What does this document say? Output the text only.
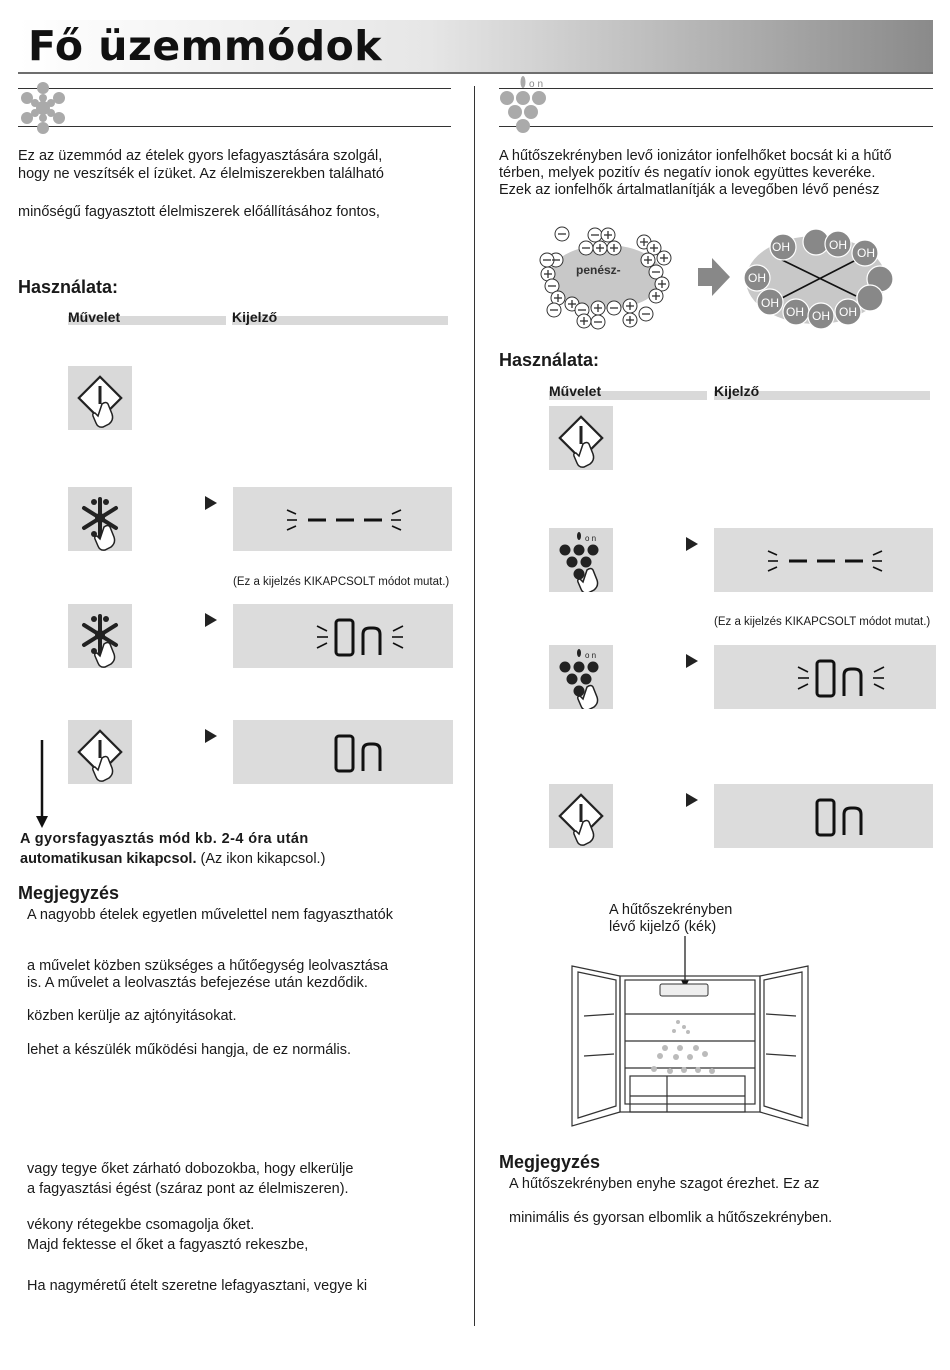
Fő üzemmódok
Ez az üzemmód az ételek gyors lefagyasztására szolgál,
hogy ne veszítsék el ízüket. Az élelmiszerekben található
minőségű fagyasztott élelmiszerek előállításához fontos,
Használata:
Művelet	Kijelző
(Ez a kijelzés KIKAPCSOLT módot mutat.)
A gyorsfagyasztás mód kb. 2-4 óra után
automatikusan kikapcsol. (Az ikon kikapcsol.)
Megjegyzés
A nagyobb ételek egyetlen művelettel nem fagyaszthatók
a művelet közben szükséges a hűtőegység leolvasztása
is. A művelet a leolvasztás befejezése után kezdődik.
közben kerülje az ajtónyitásokat.
lehet a készülék működési hangja, de ez normális.
vagy tegye őket zárható dobozokba, hogy elkerülje
a fagyasztási égést (száraz pont az élelmiszeren).
vékony rétegekbe csomagolja őket.
Majd fektesse el őket a fagyasztó rekeszbe,
Ha nagyméretű ételt szeretne lefagyasztani, vegye ki
on
A hűtőszekrényben levő ionizátor ionfelhőket bocsát ki a hűtő
térben, melyek pozitív és negatív ionok együttes keveréke.
Ezek az ionfelhők ártalmatlanítják a levegőben lévő penész
penész-
OH	OH
OH
OH
OH
OH OH OH
Használata:
Művelet	Kijelző
o n
(Ez a kijelzés KIKAPCSOLT módot mutat.)
o n
A hűtőszekrényben
lévő kijelző (kék)
Megjegyzés
A hűtőszekrényben enyhe szagot érezhet. Ez az
minimális és gyorsan elbomlik a hűtőszekrényben.
